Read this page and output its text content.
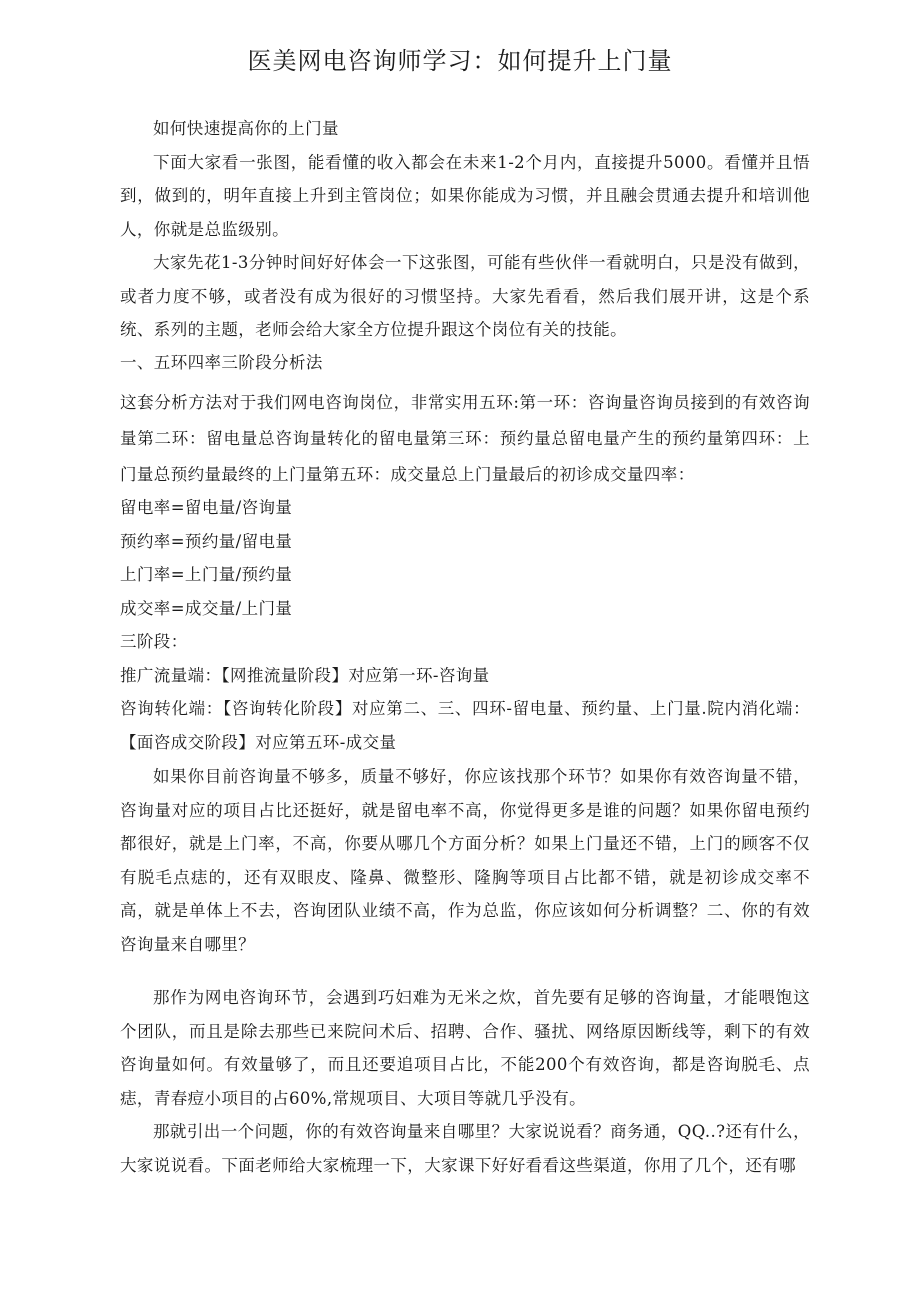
医美网电咨询师学习：如何提升上门量

如何快速提高你的上门量

下面大家看一张图，能看懂的收入都会在未来1-2个月内，直接提升5000。看懂并且悟到，做到的，明年直接上升到主管岗位；如果你能成为习惯，并且融会贯通去提升和培训他人，你就是总监级别。

大家先花1-3分钟时间好好体会一下这张图，可能有些伙伴一看就明白，只是没有做到，或者力度不够，或者没有成为很好的习惯坚持。大家先看看，然后我们展开讲，这是个系统、系列的主题，老师会给大家全方位提升跟这个岗位有关的技能。

一、五环四率三阶段分析法

这套分析方法对于我们网电咨询岗位，非常实用五环:第一环：咨询量咨询员接到的有效咨询量第二环：留电量总咨询量转化的留电量第三环：预约量总留电量产生的预约量第四环：上门量总预约量最终的上门量第五环：成交量总上门量最后的初诊成交量四率：

留电率=留电量/咨询量

预约率=预约量/留电量

上门率=上门量/预约量

成交率=成交量/上门量

三阶段：

推广流量端：【网推流量阶段】对应第一环-咨询量

咨询转化端：【咨询转化阶段】对应第二、三、四环-留电量、预约量、上门量.院内消化端：【面咨成交阶段】对应第五环-成交量

如果你目前咨询量不够多，质量不够好，你应该找那个环节？如果你有效咨询量不错，咨询量对应的项目占比还挺好，就是留电率不高，你觉得更多是谁的问题？如果你留电预约都很好，就是上门率，不高，你要从哪几个方面分析？如果上门量还不错，上门的顾客不仅有脱毛点痣的，还有双眼皮、隆鼻、微整形、隆胸等项目占比都不错，就是初诊成交率不高，就是单体上不去，咨询团队业绩不高，作为总监，你应该如何分析调整？二、你的有效咨询量来自哪里？

那作为网电咨询环节，会遇到巧妇难为无米之炊，首先要有足够的咨询量，才能喂饱这个团队，而且是除去那些已来院问术后、招聘、合作、骚扰、网络原因断线等，剩下的有效咨询量如何。有效量够了，而且还要追项目占比，不能200个有效咨询，都是咨询脱毛、点痣，青春痘小项目的占60%,常规项目、大项目等就几乎没有。

那就引出一个问题，你的有效咨询量来自哪里？大家说说看？商务通，QQ..?还有什么，大家说说看。下面老师给大家梳理一下，大家课下好好看看这些渠道，你用了几个，还有哪
